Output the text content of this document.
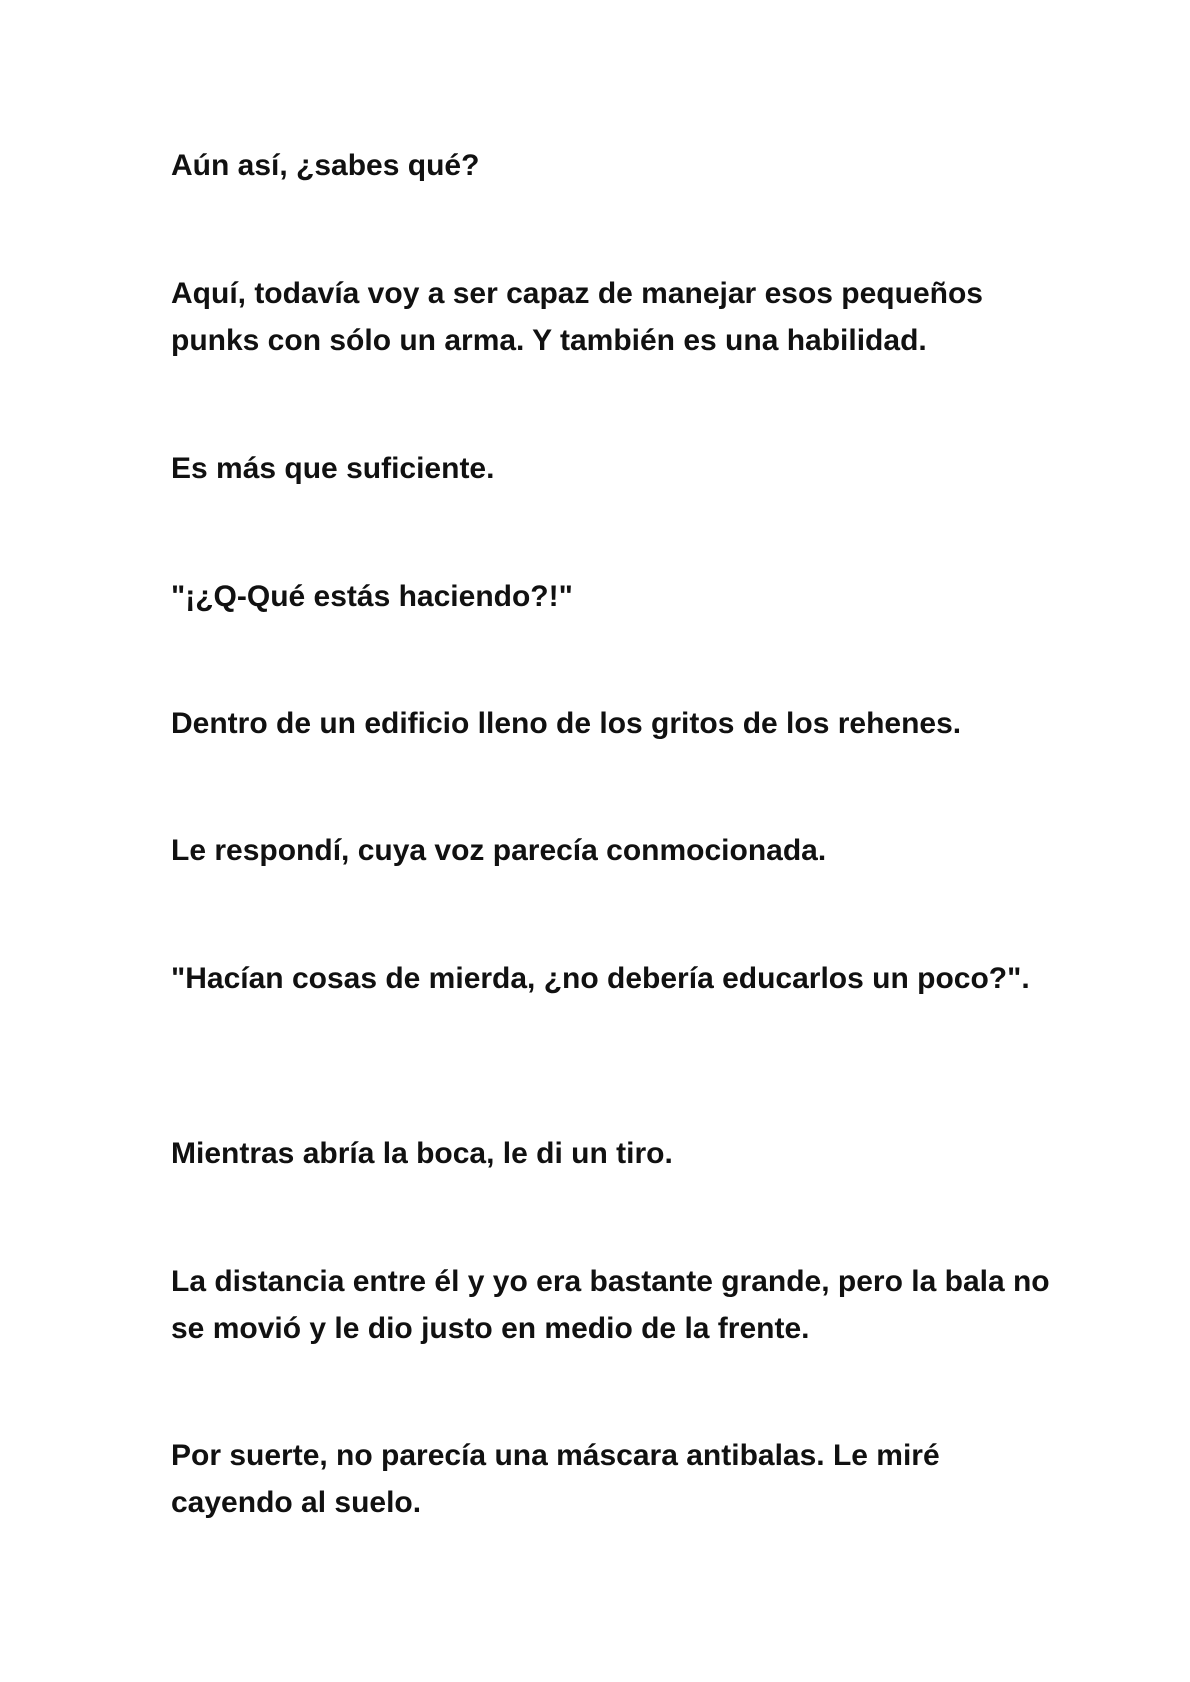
Aún así, ¿sabes qué?

Aquí, todavía voy a ser capaz de manejar esos pequeños punks con sólo un arma. Y también es una habilidad.

Es más que suficiente.

"¡¿Q-Qué estás haciendo?!"

Dentro de un edificio lleno de los gritos de los rehenes.

Le respondí, cuya voz parecía conmocionada.

"Hacían cosas de mierda, ¿no debería educarlos un poco?".

Mientras abría la boca, le di un tiro.

La distancia entre él y yo era bastante grande, pero la bala no se movió y le dio justo en medio de la frente.

Por suerte, no parecía una máscara antibalas. Le miré cayendo al suelo.
